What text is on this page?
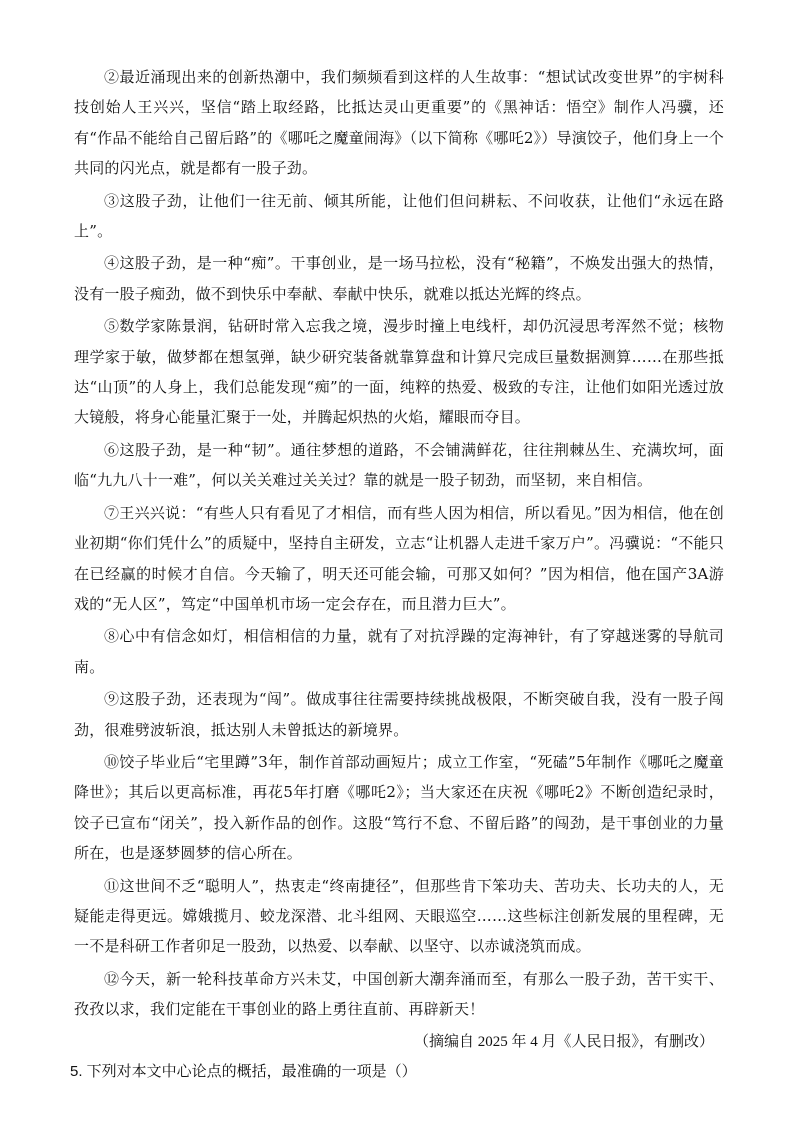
②最近涌现出来的创新热潮中，我们频频看到这样的人生故事：“想试试改变世界”的宇树科技创始人王兴兴，坚信“踏上取经路，比抵达灵山更重要”的《黑神话：悟空》制作人冯骥，还有“作品不能给自己留后路”的《哪吒之魔童闹海》（以下简称《哪吒2》）导演饺子，他们身上一个共同的闪光点，就是都有一股子劲。

③这股子劲，让他们一往无前、倾其所能，让他们但问耕耘、不问收获，让他们“永远在路上”。

④这股子劲，是一种“痴”。干事创业，是一场马拉松，没有“秘籍”，不焕发出强大的热情，没有一股子痴劲，做不到快乐中奉献、奉献中快乐，就难以抵达光辉的终点。

⑤数学家陈景润，钻研时常入忘我之境，漫步时撞上电线杆，却仍沉浸思考浑然不觉；核物理学家于敏，做梦都在想氢弹，缺少研究装备就靠算盘和计算尺完成巨量数据测算……在那些抵达“山顶”的人身上，我们总能发现“痴”的一面，纯粹的热爱、极致的专注，让他们如阳光透过放大镜般，将身心能量汇聚于一处，并腾起炽热的火焰，耀眼而夺目。

⑥这股子劲，是一种“韧”。通往梦想的道路，不会铺满鲜花，往往荆棘丛生、充满坎坷，面临“九九八十一难”，何以关关难过关关过？靠的就是一股子韧劲，而坚韧，来自相信。

⑦王兴兴说：“有些人只有看见了才相信，而有些人因为相信，所以看见。”因为相信，他在创业初期“你们凭什么”的质疑中，坚持自主研发，立志“让机器人走进千家万户”。冯骥说：“不能只在已经赢的时候才自信。今天输了，明天还可能会输，可那又如何？”因为相信，他在国产3A游戏的“无人区”，笃定“中国单机市场一定会存在，而且潜力巨大”。

⑧心中有信念如灯，相信相信的力量，就有了对抗浮躁的定海神针，有了穿越迷雾的导航司南。

⑨这股子劲，还表现为“闯”。做成事往往需要持续挑战极限，不断突破自我，没有一股子闯劲，很难劈波斩浪，抵达别人未曾抵达的新境界。

⑩饺子毕业后“宅里蹲”3年，制作首部动画短片；成立工作室，“死磕”5年制作《哪吒之魔童降世》；其后以更高标准，再花5年打磨《哪吒2》；当大家还在庆祝《哪吒2》不断创造纪录时，饺子已宣布“闭关”，投入新作品的创作。这股“笃行不怠、不留后路”的闯劲，是干事创业的力量所在，也是逐梦圆梦的信心所在。

⑪这世间不乏“聪明人”，热衷走“终南捷径”，但那些肯下笨功夫、苦功夫、长功夫的人，无疑能走得更远。嫦娥揽月、蛟龙深潜、北斗组网、天眼巡空……这些标注创新发展的里程碑，无一不是科研工作者卯足一股劲，以热爱、以奉献、以坚守、以赤诚浇筑而成。

⑫今天，新一轮科技革命方兴未艾，中国创新大潮奔涌而至，有那么一股子劲，苦干实干、孜孜以求，我们定能在干事创业的路上勇往直前、再辟新天！

（摘编自 2025 年 4 月《人民日报》，有删改）

5. 下列对本文中心论点的概括，最准确的一项是（）
